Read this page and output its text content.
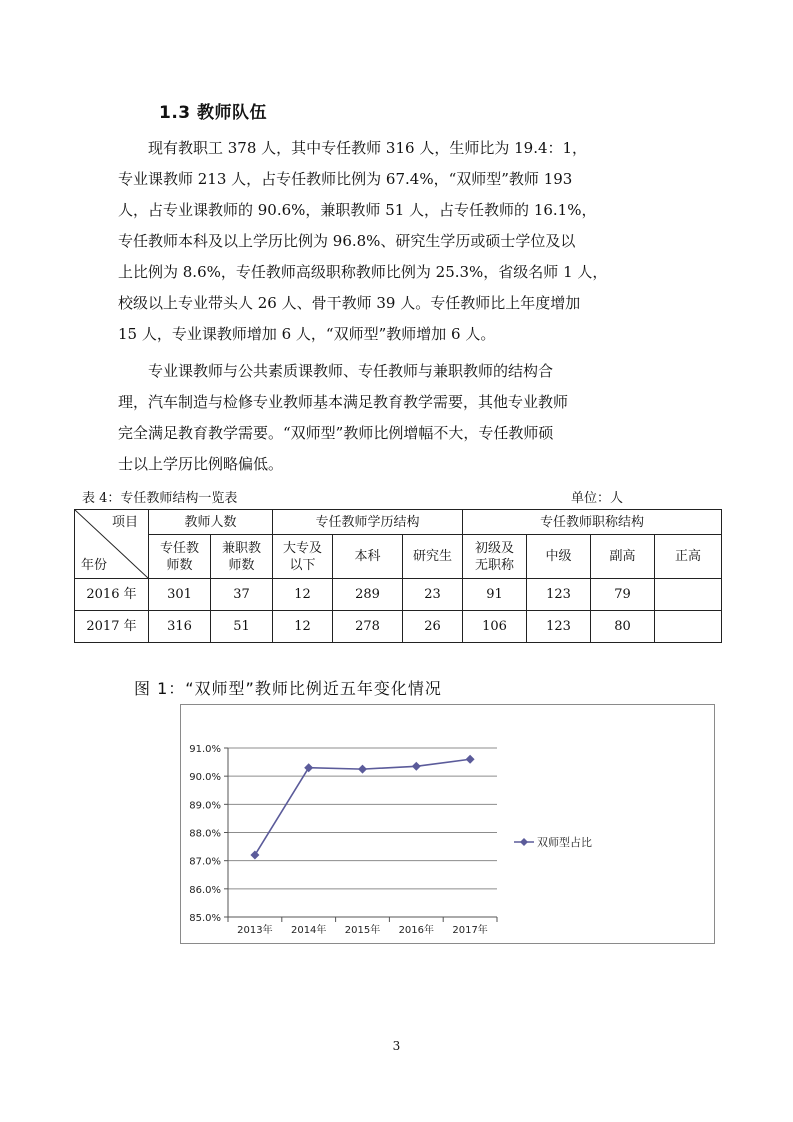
1.3 教师队伍
　　现有教职工 378 人，其中专任教师 316 人，生师比为 19.4：1，
专业课教师 213 人，占专任教师比例为 67.4%，“双师型”教师 193
人，占专业课教师的 90.6%，兼职教师 51 人，占专任教师的 16.1%，
专任教师本科及以上学历比例为 96.8%、研究生学历或硕士学位及以
上比例为 8.6%，专任教师高级职称教师比例为 25.3%，省级名师 1 人，
校级以上专业带头人 26 人、骨干教师 39 人。专任教师比上年度增加
15 人，专业课教师增加 6 人，“双师型”教师增加 6 人。
　　专业课教师与公共素质课教师、专任教师与兼职教师的结构合
理，汽车制造与检修专业教师基本满足教育教学需要，其他专业教师
完全满足教育教学需要。“双师型”教师比例增幅不大，专任教师硕
士以上学历比例略偏低。
表 4：专任教师结构一览表	单位：人
项目
年份	教师人数		专任教师学历结构			专任教师职称结构			

	专任教
师数	兼职教
师数	大专及
以下	本科	研究生	初级及
无职称	中级	副高	正高

2016 年	301	37	12	289	23	91	123	79	
2017 年	316	51	12	278	26	106	123	80	
图 1：“双师型”教师比例近五年变化情况
85.0%
86.0%
87.0%
88.0%
89.0%
90.0%
91.0%
2013年 2014年 2015年 2016年 2017年
双师型占比
3
